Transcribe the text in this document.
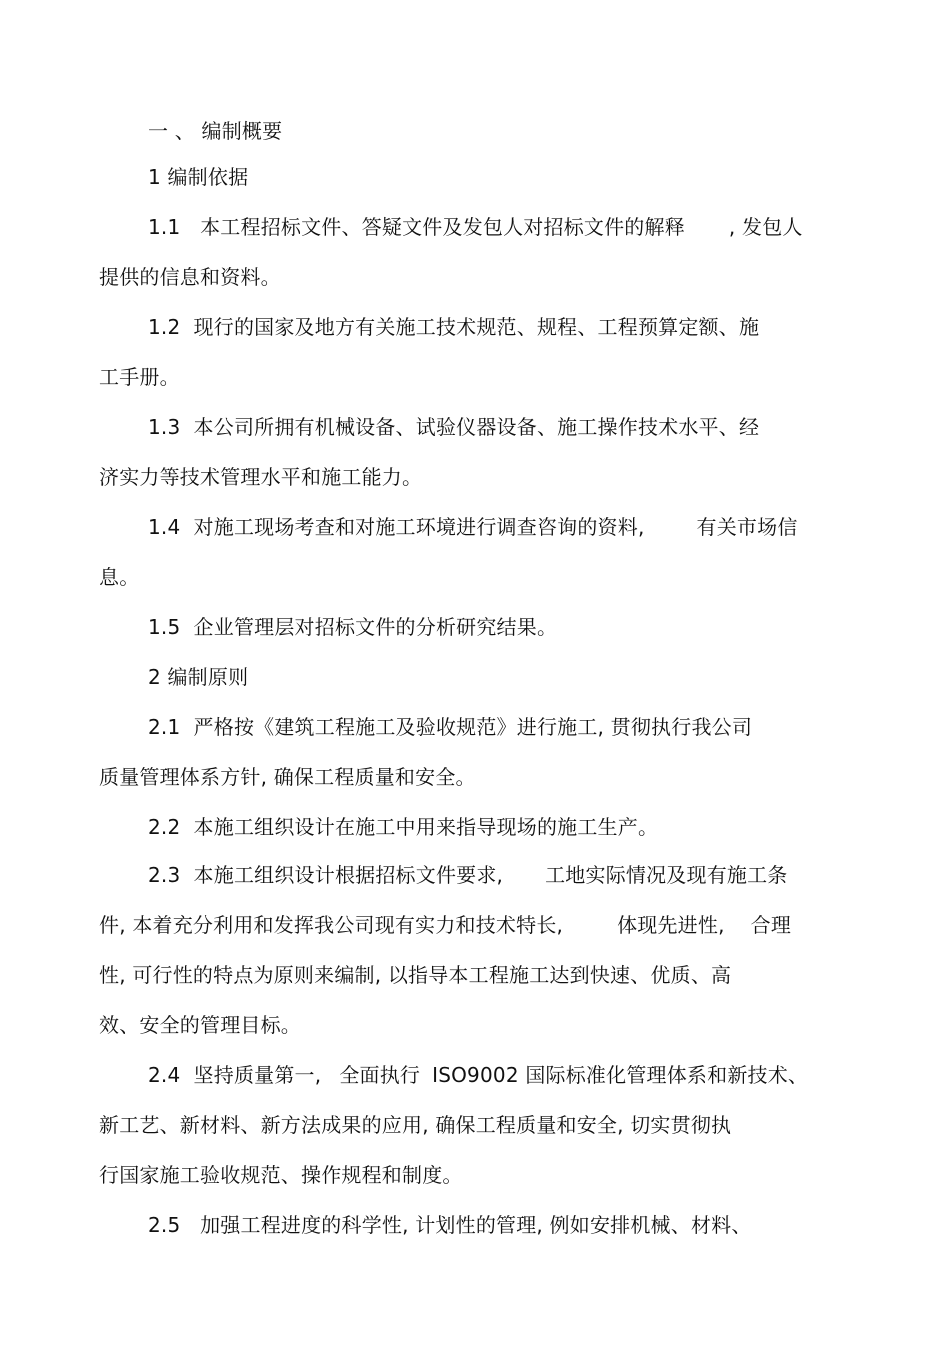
一 、 编制概要
1 编制依据
1.1 本工程招标文件、答疑文件及发包人对招标文件的解释 , 发包人
提供的信息和资料。
1.2 现行的国家及地方有关施工技术规范、规程、工程预算定额、施
工手册。
1.3 本公司所拥有机械设备、试验仪器设备、施工操作技术水平、经
济实力等技术管理水平和施工能力。
1.4 对施工现场考查和对施工环境进行调查咨询的资料,	有关市场信
息。
1.5 企业管理层对招标文件的分析研究结果。
2 编制原则
2.1 严格按《建筑工程施工及验收规范》进行施工, 贯彻执行我公司
质量管理体系方针, 确保工程质量和安全。
2.2 本施工组织设计在施工中用来指导现场的施工生产。
2.3 本施工组织设计根据招标文件要求, 工地实际情况及现有施工条
件, 本着充分利用和发挥我公司现有实力和技术特长,	体现先进性, 合理
性, 可行性的特点为原则来编制, 以指导本工程施工达到快速、优质、高
效、安全的管理目标。
2.4 坚持质量第一, 全面执行 ISO9002 国际标准化管理体系和新技术、
新工艺、新材料、新方法成果的应用, 确保工程质量和安全, 切实贯彻执
行国家施工验收规范、操作规程和制度。
2.5 加强工程进度的科学性, 计划性的管理, 例如安排机械、材料、
